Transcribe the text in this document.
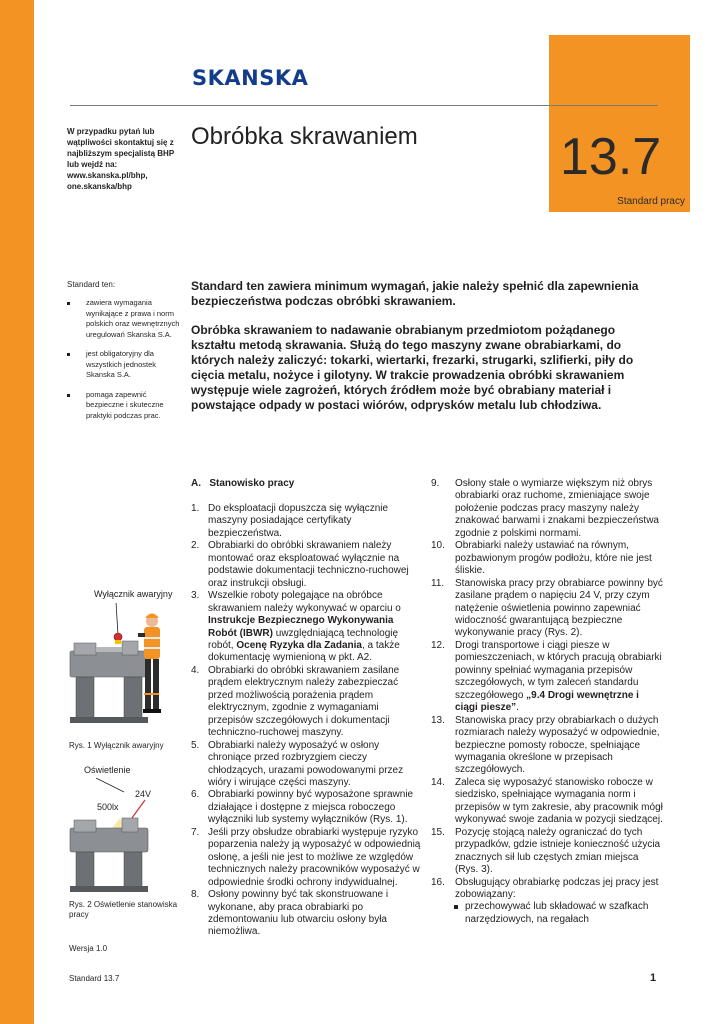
SKANSKA
W przypadku pytań lub wątpliwości skontaktuj się z najbliższym specjalistą BHP lub wejdź na: www.skanska.pl/bhp, one.skanska/bhp
Obróbka skrawaniem	13.7
Standard pracy
Standard ten:
zawiera wymagania wynikające z prawa i norm polskich oraz wewnętrznych uregulowań Skanska S.A.
jest obligatoryjny dla wszystkich jednostek Skanska S.A.
pomaga zapewnić bezpieczne i skuteczne praktyki podczas prac.

Standard ten zawiera minimum wymagań, jakie należy spełnić dla zapewnienia bezpieczeństwa podczas obróbki skrawaniem.

Obróbka skrawaniem to nadawanie obrabianym przedmiotom pożądanego kształtu metodą skrawania. Służą do tego maszyny zwane obrabiarkami, do których należy zaliczyć: tokarki, wiertarki, frezarki, strugarki, szlifierki, piły do cięcia metalu, nożyce i gilotyny. W trakcie prowadzenia obróbki skrawaniem występuje wiele zagrożeń, których źródłem może być obrabiany materiał i powstające odpady w postaci wiórów, odprysków metalu lub chłodziwa.

A.   Stanowisko pracy
1. Do eksploatacji dopuszcza się wyłącznie maszyny posiadające certyfikaty bezpieczeństwa.
2. Obrabiarki do obróbki skrawaniem należy montować oraz eksploatować wyłącznie na podstawie dokumentacji techniczno-ruchowej oraz instrukcji obsługi.
3. Wszelkie roboty polegające na obróbce skrawaniem należy wykonywać w oparciu o Instrukcje Bezpiecznego Wykonywania Robót (IBWR) uwzględniającą technologię robót, Ocenę Ryzyka dla Zadania, a także dokumentację wymienioną w pkt. A2.
4. Obrabiarki do obróbki skrawaniem zasilane prądem elektrycznym należy zabezpieczać przed możliwością porażenia prądem elektrycznym, zgodnie z wymaganiami przepisów szczegółowych i dokumentacji techniczno-ruchowej maszyny.
5. Obrabiarki należy wyposażyć w osłony chroniące przed rozbryzgiem cieczy chłodzących, urazami powodowanymi przez wióry i wirujące części maszyny.
6. Obrabiarki powinny być wyposażone sprawnie działające i dostępne z miejsca roboczego wyłączniki lub systemy wyłączników (Rys. 1).
7. Jeśli przy obsłudze obrabiarki występuje ryzyko poparzenia należy ją wyposażyć w odpowiednią osłonę, a jeśli nie jest to możliwe ze względów technicznych należy pracowników wyposażyć w odpowiednie środki ochrony indywidualnej.
8. Osłony powinny być tak skonstruowane i wykonane, aby praca obrabiarki po zdemontowaniu lub otwarciu osłony była niemożliwa.
9. Osłony stałe o wymiarze większym niż obrys obrabiarki oraz ruchome, zmieniające swoje położenie podczas pracy maszyny należy znakować barwami i znakami bezpieczeństwa zgodnie z polskimi normami.
10. Obrabiarki należy ustawiać na równym, pozbawionym progów podłożu, które nie jest śliskie.
11. Stanowiska pracy przy obrabiarce powinny być zasilane prądem o napięciu 24 V, przy czym natężenie oświetlenia powinno zapewniać widoczność gwarantującą bezpieczne wykonywanie pracy (Rys. 2).
12. Drogi transportowe i ciągi piesze w pomieszczeniach, w których pracują obrabiarki powinny spełniać wymagania przepisów szczegółowych, w tym zaleceń standardu szczegółowego „9.4 Drogi wewnętrzne i ciągi piesze”.
13. Stanowiska pracy przy obrabiarkach o dużych rozmiarach należy wyposażyć w odpowiednie, bezpieczne pomosty robocze, spełniające wymagania określone w przepisach szczegółowych.
14. Zaleca się wyposażyć stanowisko robocze w siedzisko, spełniające wymagania norm i przepisów w tym zakresie, aby pracownik mógł wykonywać swoje zadania w pozycji siedzącej.
15. Pozycję stojącą należy ograniczać do tych przypadków, gdzie istnieje konieczność użycia znacznych sił lub częstych zmian miejsca (Rys. 3).
16. Obsługujący obrabiarkę podczas jej pracy jest zobowiązany:
przechowywać lub składować w szafkach narzędziowych, na regałach
Wyłącznik awaryjny
Rys. 1 Wyłącznik awaryjny
Oświetlenie
24V
500lx
Rys. 2 Oświetlenie stanowiska pracy
Wersja 1.0
Standard 13.7	1
